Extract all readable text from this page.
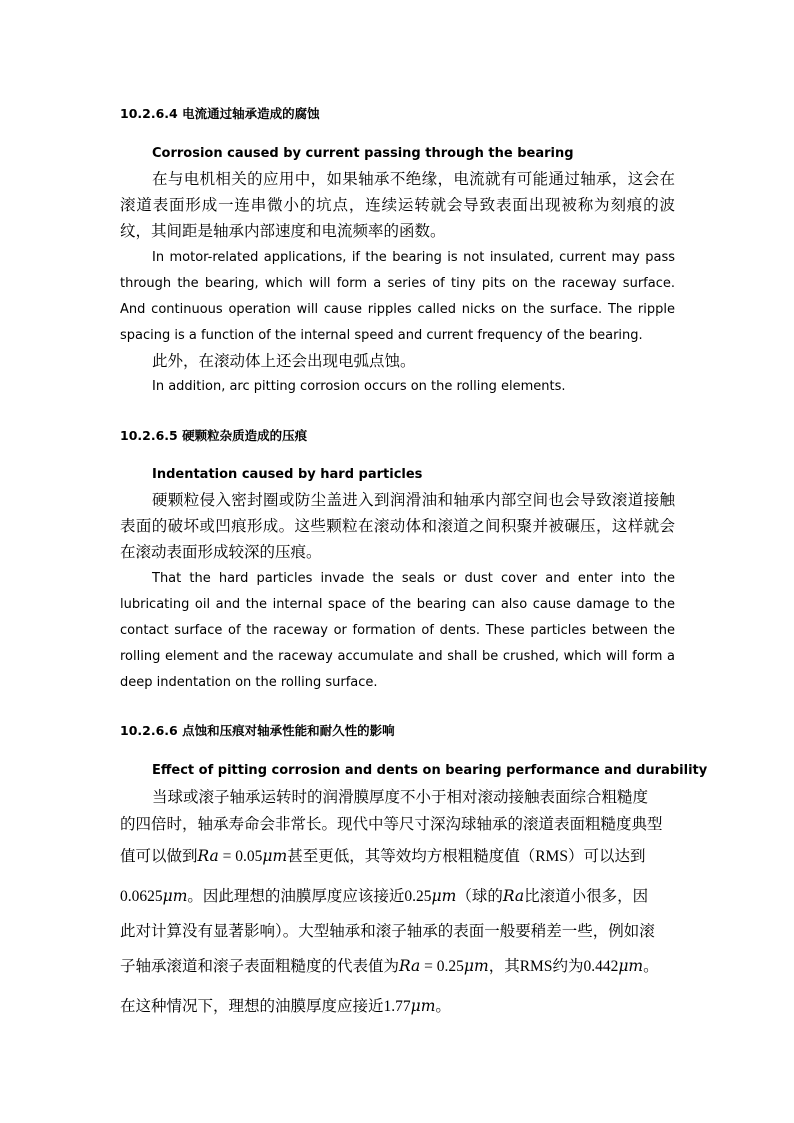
10.2.6.4 电流通过轴承造成的腐蚀
Corrosion caused by current passing through the bearing
在与电机相关的应用中，如果轴承不绝缘，电流就有可能通过轴承，这会在滚道表面形成一连串微小的坑点，连续运转就会导致表面出现被称为刻痕的波纹，其间距是轴承内部速度和电流频率的函数。
In motor-related applications, if the bearing is not insulated, current may pass through the bearing, which will form a series of tiny pits on the raceway surface. And continuous operation will cause ripples called nicks on the surface. The ripple spacing is a function of the internal speed and current frequency of the bearing.
此外，在滚动体上还会出现电弧点蚀。
In addition, arc pitting corrosion occurs on the rolling elements.
10.2.6.5 硬颗粒杂质造成的压痕
Indentation caused by hard particles
硬颗粒侵入密封圈或防尘盖进入到润滑油和轴承内部空间也会导致滚道接触表面的破坏或凹痕形成。这些颗粒在滚动体和滚道之间积聚并被碾压，这样就会在滚动表面形成较深的压痕。
That the hard particles invade the seals or dust cover and enter into the lubricating oil and the internal space of the bearing can also cause damage to the contact surface of the raceway or formation of dents. These particles between the rolling element and the raceway accumulate and shall be crushed, which will form a deep indentation on the rolling surface.
10.2.6.6 点蚀和压痕对轴承性能和耐久性的影响
Effect of pitting corrosion and dents on bearing performance and durability
当球或滚子轴承运转时的润滑膜厚度不小于相对滚动接触表面综合粗糙度
的四倍时，轴承寿命会非常长。现代中等尺寸深沟球轴承的滚道表面粗糙度典型
值可以做到Ra = 0.05μm甚至更低，其等效均方根粗糙度值（RMS）可以达到
0.0625μm。因此理想的油膜厚度应该接近0.25μm（球的Ra比滚道小很多，因
此对计算没有显著影响）。大型轴承和滚子轴承的表面一般要稍差一些，例如滚
子轴承滚道和滚子表面粗糙度的代表值为Ra = 0.25μm，其RMS约为0.442μm。
在这种情况下，理想的油膜厚度应接近1.77μm。
